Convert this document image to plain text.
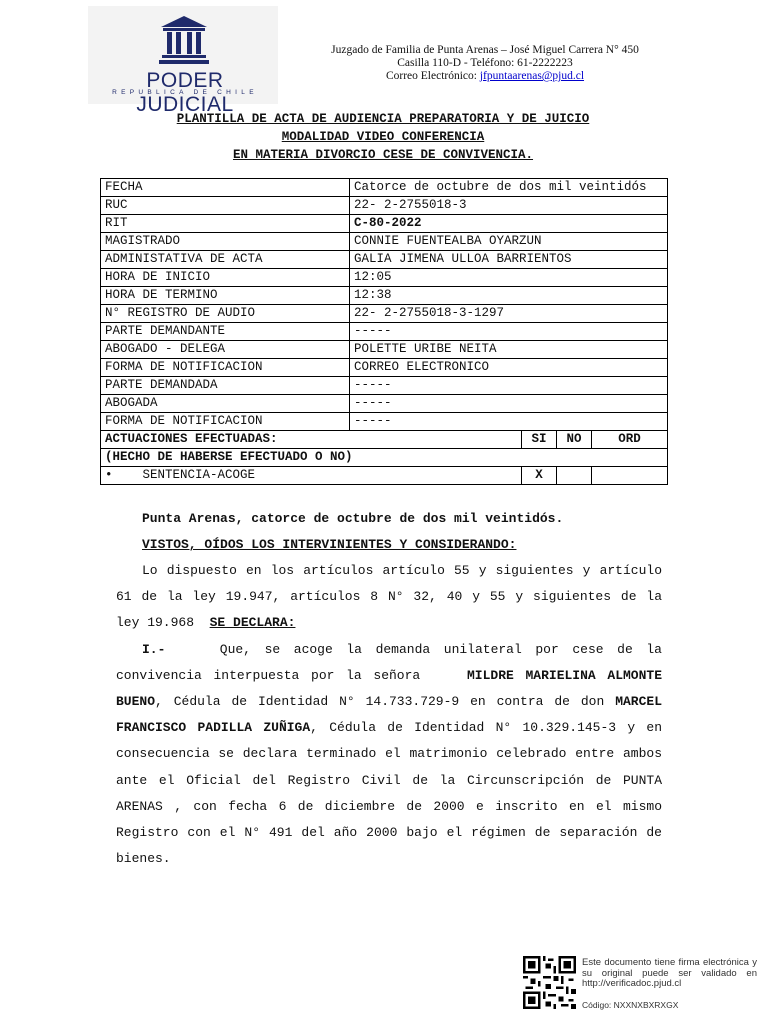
PODER JUDICIAL
REPUBLICA DE CHILE
Juzgado de Familia de Punta Arenas – José Miguel Carrera N° 450
Casilla 110-D - Teléfono: 61-2222223
Correo Electrónico: jfpuntaarenas@pjud.cl
PLANTILLA DE ACTA DE AUDIENCIA PREPARATORIA Y DE JUICIO
MODALIDAD VIDEO CONFERENCIA
EN MATERIA DIVORCIO CESE DE CONVIVENCIA.
FECHA	Catorce de octubre de dos mil veintidós			
RUC	22- 2-2755018-3			
RIT	C-80-2022			
MAGISTRADO	CONNIE FUENTEALBA OYARZUN			
ADMINISTATIVA DE ACTA	GALIA JIMENA ULLOA BARRIENTOS			
HORA DE INICIO	12:05			
HORA DE TERMINO	12:38			
N° REGISTRO DE AUDIO	22- 2-2755018-3-1297			
PARTE DEMANDANTE	-----			
ABOGADO - DELEGA	POLETTE URIBE NEITA			
FORMA DE NOTIFICACION	CORREO ELECTRONICO			
PARTE DEMANDADA	-----			
ABOGADA	-----			
FORMA DE NOTIFICACION	-----			
ACTUACIONES EFECTUADAS:		SI	NO	ORD
(HECHO DE HABERSE EFECTUADO O NO)				
• SENTENCIA-ACOGE		X		
Punta Arenas, catorce de octubre de dos mil veintidós.
VISTOS, OÍDOS LOS INTERVINIENTES Y CONSIDERANDO:

Lo dispuesto en los artículos artículo 55 y siguientes y artículo 61 de la ley 19.947, artículos 8 N° 32, 40 y 55 y siguientes de la ley 19.968 SE DECLARA:

I.-	Que, se acoge la demanda unilateral por cese de la convivencia interpuesta por la señora	MILDRE MARIELINA ALMONTE BUENO, Cédula de Identidad N° 14.733.729-9 en contra de don MARCEL FRANCISCO PADILLA ZUÑIGA, Cédula de Identidad N° 10.329.145-3 y en consecuencia se declara terminado el matrimonio celebrado entre ambos ante el Oficial del Registro Civil de la Circunscripción de PUNTA ARENAS , con fecha 6 de diciembre de 2000 e inscrito en el mismo Registro con el N° 491 del año 2000 bajo el régimen de separación de bienes.

Este documento tiene firma electrónica y su original puede ser validado en http://verificadoc.pjud.cl
Código: NXXNXBXRXGX
